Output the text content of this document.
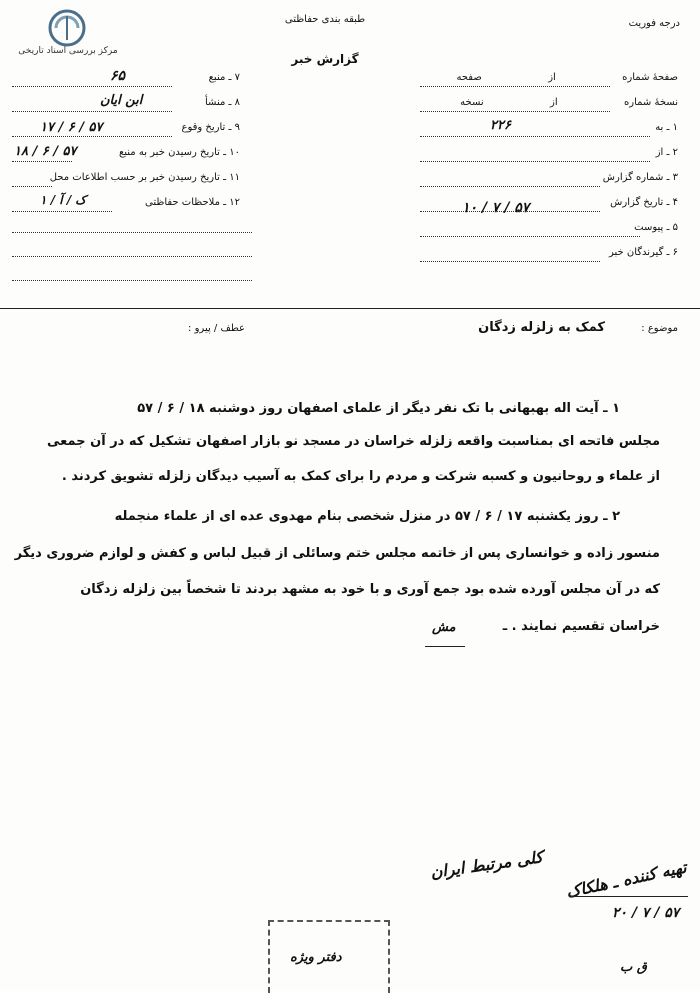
مرکز بررسی اسناد تاریخی
طبقه بندی حفاظتی
گزارش خبر
درجه فوریت
صفحهٔ شماره  از  صفحه
نسخهٔ شماره  از  نسخه
۱ ـ به
۲۲۶
۲ ـ از
۳ ـ شماره گزارش
۴ ـ تاریخ گزارش
۱۰ / ۷ / ۵۷
۵ ـ پیوست
۶ ـ گیرندگان خبر
۷ ـ منبع
۶۵
۸ ـ منشأ
ابن ایان
۹ ـ تاریخ وقوع
۱۷ / ۶ / ۵۷
۱۰ ـ تاریخ رسیدن خبر به منبع
۱۸ / ۶ / ۵۷
۱۱ ـ تاریخ رسیدن خبر بر حسب اطلاعات محل
۱۲ ـ ملاحظات حفاظتی
ک / آ / ۱
موضوع :
کمک به زلزله زدگان
عطف / پیرو :
۱ ـ آیت اله بهبهانی با تک نفر دیگر از علمای اصفهان روز دوشنبه ۱۸ / ۶ / ۵۷
مجلس فاتحه ای بمناسبت واقعه زلزله خراسان در مسجد نو بازار اصفهان تشکیل که در آن جمعی
از علماء و روحانیون و کسبه شرکت و مردم را برای کمک به آسیب دیدگان زلزله تشویق کردند .
۲ ـ روز یکشنبه ۱۷ / ۶ / ۵۷ در منزل شخصی بنام مهدوی عده ای از علماء منجمله
منسور زاده و خوانساری پس از خاتمه مجلس ختم وسائلی از قبیل لباس و کفش و لوازم ضروری دیگر
که در آن مجلس آورده شده بود جمع آوری و با خود به مشهد بردند تا شخصاً بین زلزله زدگان
خراسان تقسیم نمایند . ـ
مش
کلی مرتبط ایران تهیه کننده ـ هلکاک
۲۰ / ۷ / ۵۷
ق ب
دفتر ویژه
